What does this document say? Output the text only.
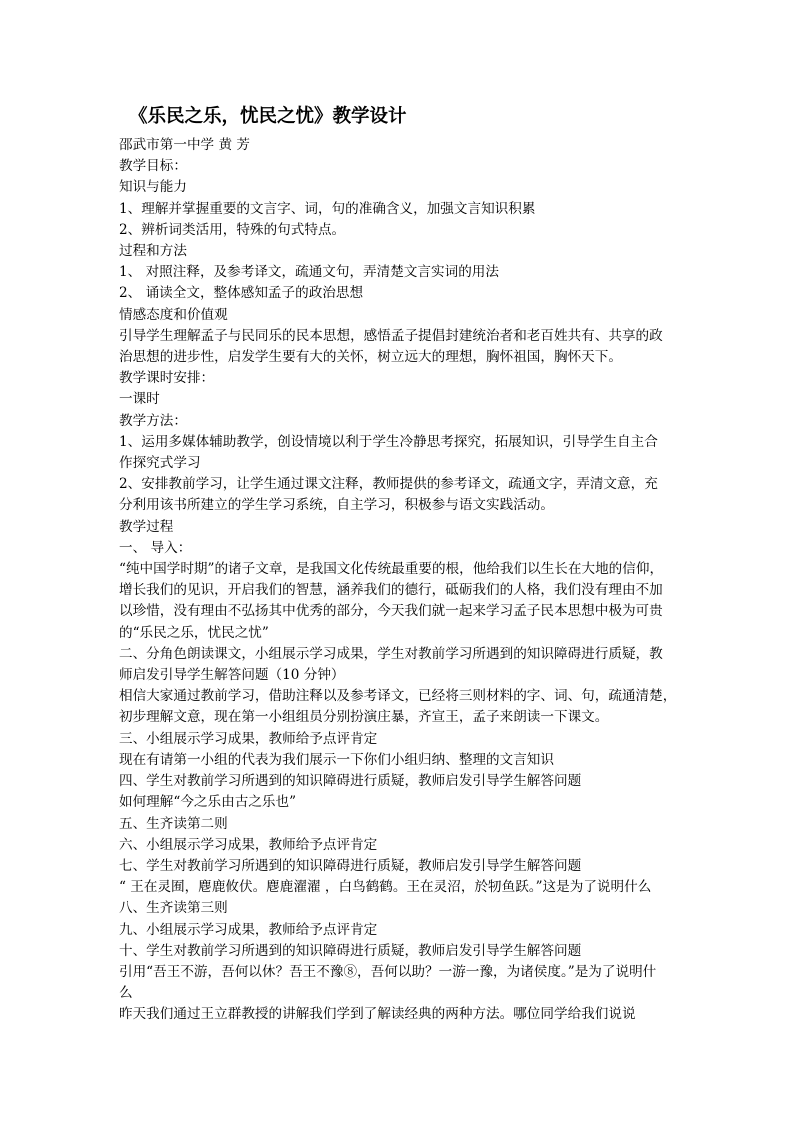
《乐民之乐，忧民之忧》教学设计
邵武市第一中学 黄 芳
教学目标：
知识与能力
1、理解并掌握重要的文言字、词，句的准确含义，加强文言知识积累
2、辨析词类活用，特殊的句式特点。
过程和方法
1、 对照注释，及参考译文，疏通文句，弄清楚文言实词的用法
2、 诵读全文，整体感知孟子的政治思想
情感态度和价值观
引导学生理解孟子与民同乐的民本思想，感悟孟子提倡封建统治者和老百姓共有、共享的政
治思想的进步性，启发学生要有大的关怀，树立远大的理想，胸怀祖国，胸怀天下。
教学课时安排：
一课时
教学方法：
1、运用多媒体辅助教学，创设情境以利于学生冷静思考探究，拓展知识，引导学生自主合
作探究式学习
2、安排教前学习，让学生通过课文注释，教师提供的参考译文，疏通文字，弄清文意，充
分利用该书所建立的学生学习系统，自主学习，积极参与语文实践活动。
教学过程
一、 导入：
“纯中国学时期”的诸子文章，是我国文化传统最重要的根，他给我们以生长在大地的信仰，
增长我们的见识，开启我们的智慧，涵养我们的德行，砥砺我们的人格，我们没有理由不加
以珍惜，没有理由不弘扬其中优秀的部分，今天我们就一起来学习孟子民本思想中极为可贵
的“乐民之乐，忧民之忧”
二、分角色朗读课文，小组展示学习成果，学生对教前学习所遇到的知识障碍进行质疑，教
师启发引导学生解答问题（10 分钟）
相信大家通过教前学习，借助注释以及参考译文，已经将三则材料的字、词、句，疏通清楚，
初步理解文意，现在第一小组组员分别扮演庄暴，齐宣王，孟子来朗读一下课文。
三、小组展示学习成果，教师给予点评肯定
现在有请第一小组的代表为我们展示一下你们小组归纳、整理的文言知识
四、学生对教前学习所遇到的知识障碍进行质疑，教师启发引导学生解答问题
如何理解“今之乐由古之乐也”
五、生齐读第二则
六、小组展示学习成果，教师给予点评肯定
七、学生对教前学习所遇到的知识障碍进行质疑，教师启发引导学生解答问题
“ 王在灵囿，麀鹿攸伏。麀鹿濯濯 ，白鸟鹤鹤。王在灵沼，於牣鱼跃。”这是为了说明什么
八、生齐读第三则
九、小组展示学习成果，教师给予点评肯定
十、学生对教前学习所遇到的知识障碍进行质疑，教师启发引导学生解答问题
引用“吾王不游，吾何以休？吾王不豫⑧，吾何以助？一游一豫，为诸侯度。”是为了说明什
么
昨天我们通过王立群教授的讲解我们学到了解读经典的两种方法。哪位同学给我们说说
